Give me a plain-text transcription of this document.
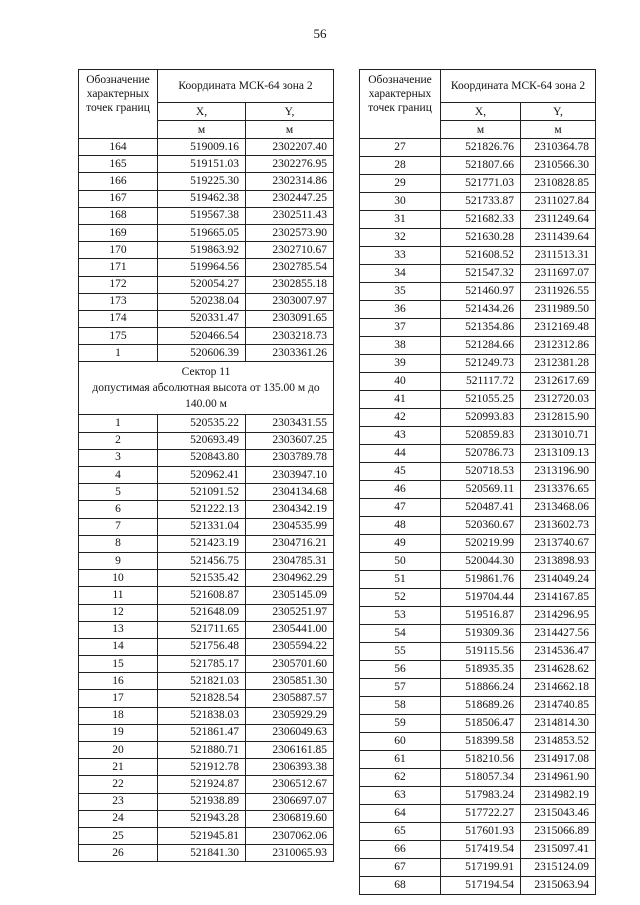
56
Обозначение характерных точек границ	Координата МСК-64 зона 2	
	X,	Y,
	м	м
164	519009.16	2302207.40
165	519151.03	2302276.95
166	519225.30	2302314.86
167	519462.38	2302447.25
168	519567.38	2302511.43
169	519665.05	2302573.90
170	519863.92	2302710.67
171	519964.56	2302785.54
172	520054.27	2302855.18
173	520238.04	2303007.97
174	520331.47	2303091.65
175	520466.54	2303218.73
1	520606.39	2303361.26

Сектор 11
допустимая абсолютная высота от 135.00 м до 140.00 м		

1	520535.22	2303431.55
2	520693.49	2303607.25
3	520843.80	2303789.78
4	520962.41	2303947.10
5	521091.52	2304134.68
6	521222.13	2304342.19
7	521331.04	2304535.99
8	521423.19	2304716.21
9	521456.75	2304785.31
10	521535.42	2304962.29
11	521608.87	2305145.09
12	521648.09	2305251.97
13	521711.65	2305441.00
14	521756.48	2305594.22
15	521785.17	2305701.60
16	521821.03	2305851.30
17	521828.54	2305887.57
18	521838.03	2305929.29
19	521861.47	2306049.63
20	521880.71	2306161.85
21	521912.78	2306393.38
22	521924.87	2306512.67
23	521938.89	2306697.07
24	521943.28	2306819.60
25	521945.81	2307062.06
26	521841.30	2310065.93
Обозначение характерных точек границ	Координата МСК-64 зона 2	
	X,	Y,
	м	м
27	521826.76	2310364.78
28	521807.66	2310566.30
29	521771.03	2310828.85
30	521733.87	2311027.84
31	521682.33	2311249.64
32	521630.28	2311439.64
33	521608.52	2311513.31
34	521547.32	2311697.07
35	521460.97	2311926.55
36	521434.26	2311989.50
37	521354.86	2312169.48
38	521284.66	2312312.86
39	521249.73	2312381.28
40	521117.72	2312617.69
41	521055.25	2312720.03
42	520993.83	2312815.90
43	520859.83	2313010.71
44	520786.73	2313109.13
45	520718.53	2313196.90
46	520569.11	2313376.65
47	520487.41	2313468.06
48	520360.67	2313602.73
49	520219.99	2313740.67
50	520044.30	2313898.93
51	519861.76	2314049.24
52	519704.44	2314167.85
53	519516.87	2314296.95
54	519309.36	2314427.56
55	519115.56	2314536.47
56	518935.35	2314628.62
57	518866.24	2314662.18
58	518689.26	2314740.85
59	518506.47	2314814.30
60	518399.58	2314853.52
61	518210.56	2314917.08
62	518057.34	2314961.90
63	517983.24	2314982.19
64	517722.27	2315043.46
65	517601.93	2315066.89
66	517419.54	2315097.41
67	517199.91	2315124.09
68	517194.54	2315063.94
